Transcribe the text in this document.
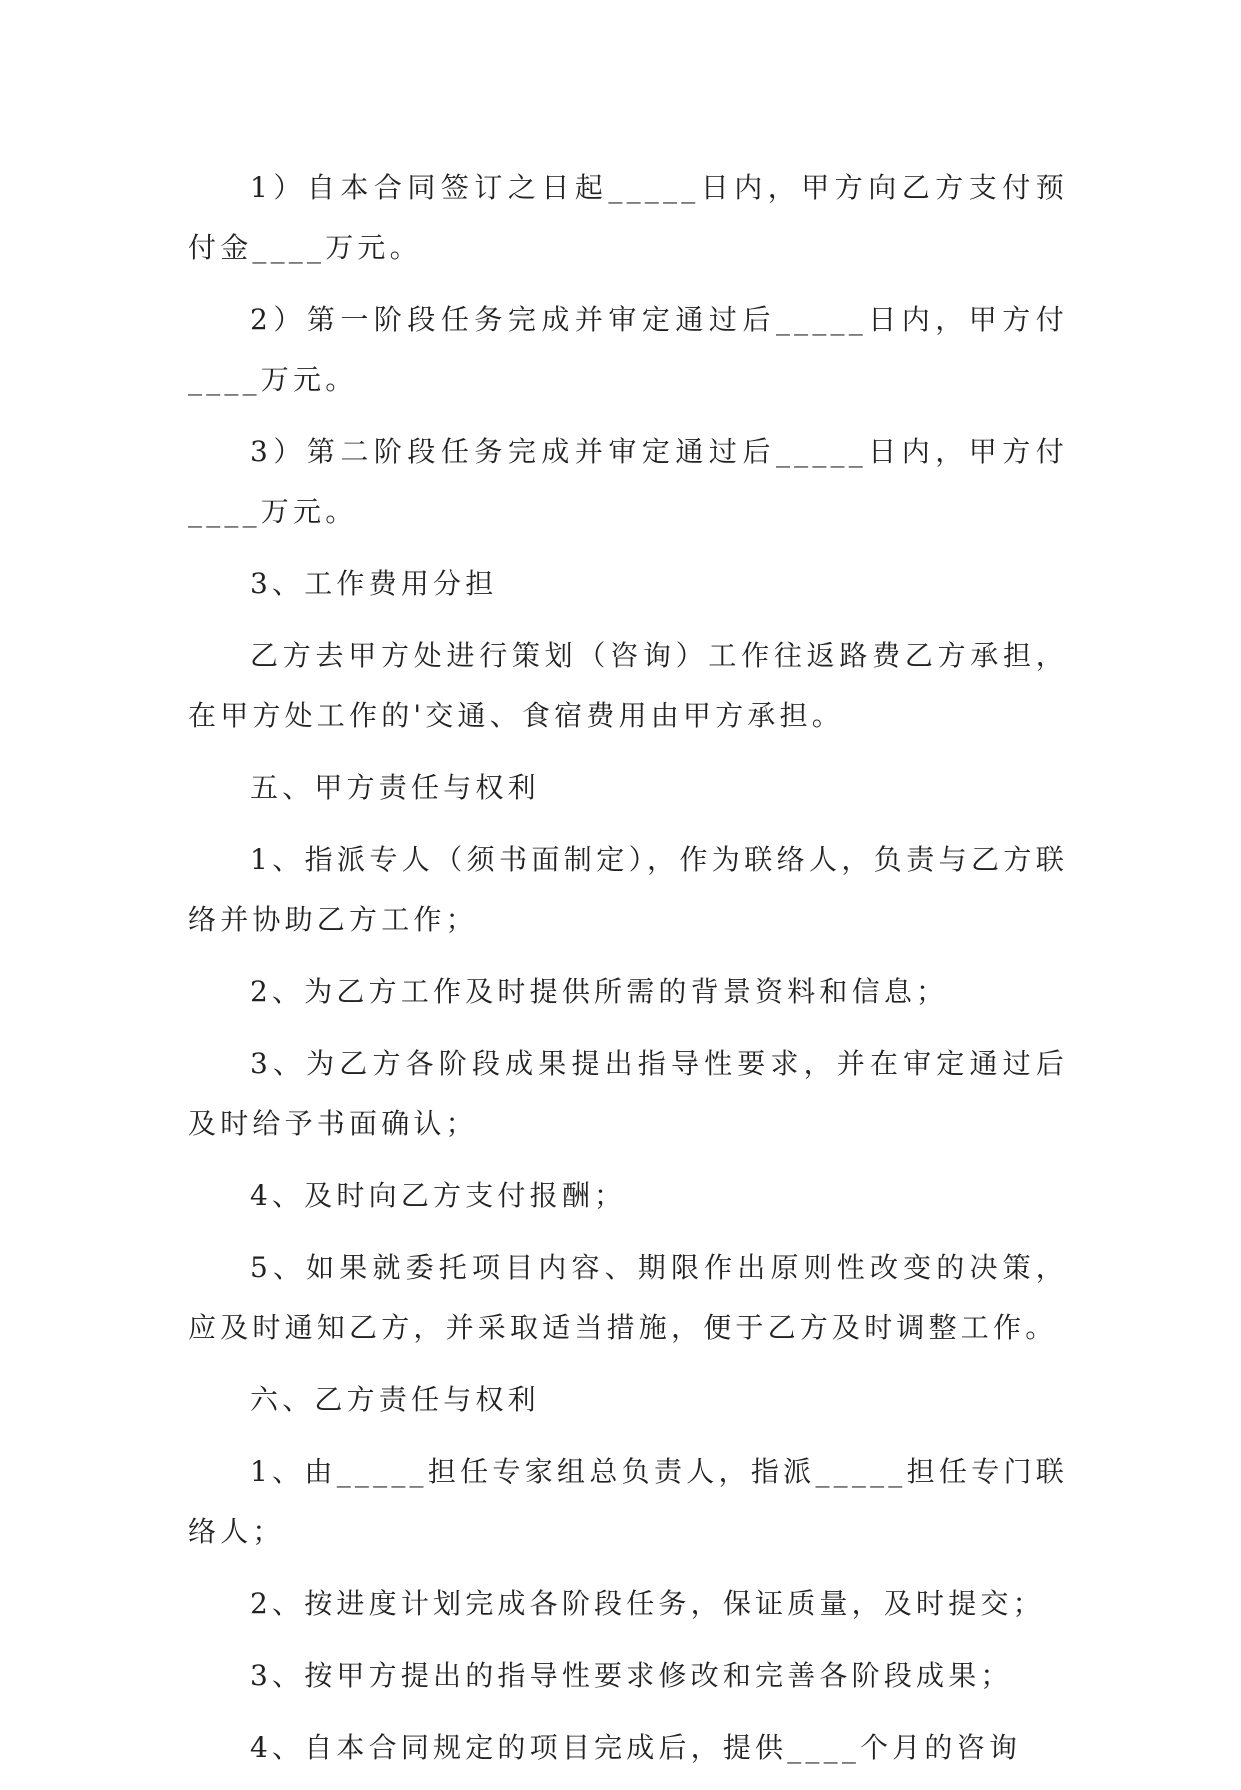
1）自本合同签订之日起_____日内，甲方向乙方支付预付金____万元。

2）第一阶段任务完成并审定通过后_____日内，甲方付____万元。

3）第二阶段任务完成并审定通过后_____日内，甲方付____万元。

3、工作费用分担

乙方去甲方处进行策划（咨询）工作往返路费乙方承担，在甲方处工作的'交通、食宿费用由甲方承担。

五、甲方责任与权利

1、指派专人（须书面制定），作为联络人，负责与乙方联络并协助乙方工作；

2、为乙方工作及时提供所需的背景资料和信息；

3、为乙方各阶段成果提出指导性要求，并在审定通过后及时给予书面确认；

4、及时向乙方支付报酬；

5、如果就委托项目内容、期限作出原则性改变的决策，应及时通知乙方，并采取适当措施，便于乙方及时调整工作。

六、乙方责任与权利

1、由_____担任专家组总负责人，指派_____担任专门联络人；

2、按进度计划完成各阶段任务，保证质量，及时提交；

3、按甲方提出的指导性要求修改和完善各阶段成果；

4、自本合同规定的项目完成后，提供____个月的咨询
